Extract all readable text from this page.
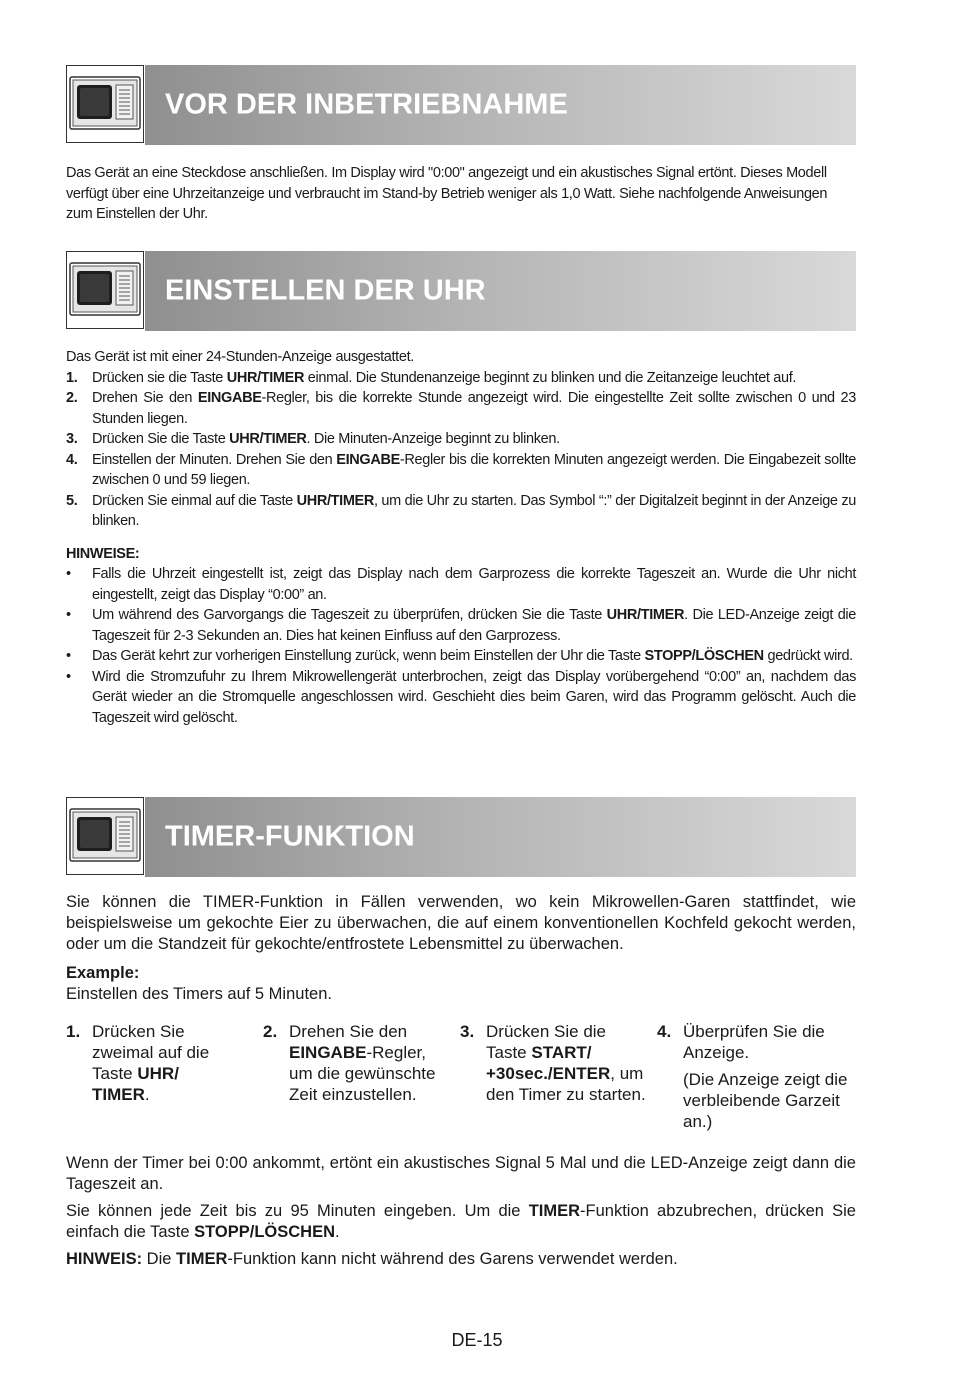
VOR DER INBETRIEBNAHME

Das Gerät an eine Steckdose anschließen. Im Display wird "0:00" angezeigt und ein akustisches Signal ertönt. Dieses Modell verfügt über eine Uhrzeitanzeige und verbraucht im Stand-by Betrieb weniger als 1,0 Watt. Siehe nachfolgende Anweisungen zum Einstellen der Uhr.

EINSTELLEN DER UHR

Das Gerät ist mit einer 24-Stunden-Anzeige ausgestattet.

1. Drücken sie die Taste UHR/TIMER einmal. Die Stundenanzeige beginnt zu blinken und die Zeitanzeige leuchtet auf.
2. Drehen Sie den EINGABE-Regler, bis die korrekte Stunde angezeigt wird. Die eingestellte Zeit sollte zwischen 0 und 23 Stunden liegen.
3. Drücken Sie die Taste UHR/TIMER. Die Minuten-Anzeige beginnt zu blinken.
4. Einstellen der Minuten. Drehen Sie den EINGABE-Regler bis die korrekten Minuten angezeigt werden. Die Eingabezeit sollte zwischen 0 und 59 liegen.
5. Drücken Sie einmal auf die Taste UHR/TIMER, um die Uhr zu starten. Das Symbol “:” der Digitalzeit beginnt in der Anzeige zu blinken.

HINWEISE:

• Falls die Uhrzeit eingestellt ist, zeigt das Display nach dem Garprozess die korrekte Tageszeit an. Wurde die Uhr nicht eingestellt, zeigt das Display “0:00” an.
• Um während des Garvorgangs die Tageszeit zu überprüfen, drücken Sie die Taste UHR/TIMER. Die LED-Anzeige zeigt die Tageszeit für 2-3 Sekunden an. Dies hat keinen Einfluss auf den Garprozess.
• Das Gerät kehrt zur vorherigen Einstellung zurück, wenn beim Einstellen der Uhr die Taste STOPP/LÖSCHEN gedrückt wird.
• Wird die Stromzufuhr zu Ihrem Mikrowellengerät unterbrochen, zeigt das Display vorübergehend “0:00” an, nachdem das Gerät wieder an die Stromquelle angeschlossen wird. Geschieht dies beim Garen, wird das Programm gelöscht. Auch die Tageszeit wird gelöscht.
TIMER-FUNKTION

Sie können die TIMER-Funktion in Fällen verwenden, wo kein Mikrowellen-Garen stattfindet, wie beispielsweise um gekochte Eier zu überwachen, die auf einem konventionellen Kochfeld gekocht werden, oder um die Standzeit für gekochte/entfrostete Lebensmittel zu überwachen.

Example:

Einstellen des Timers auf 5 Minuten.

1. Drücken Sie zweimal auf die Taste UHR/ TIMER.

2. Drehen Sie den EINGABE-Regler, um die gewünschte Zeit einzustellen.

3. Drücken Sie die Taste START/ +30sec./ENTER, um den Timer zu starten.

4. Überprüfen Sie die Anzeige.

(Die Anzeige zeigt die verbleibende Garzeit an.)

Wenn der Timer bei 0:00 ankommt, ertönt ein akustisches Signal 5 Mal und die LED-Anzeige zeigt dann die Tageszeit an.

Sie können jede Zeit bis zu 95 Minuten eingeben. Um die TIMER-Funktion abzubrechen, drücken Sie einfach die Taste STOPP/LÖSCHEN.

HINWEIS: Die TIMER-Funktion kann nicht während des Garens verwendet werden.

DE-15
